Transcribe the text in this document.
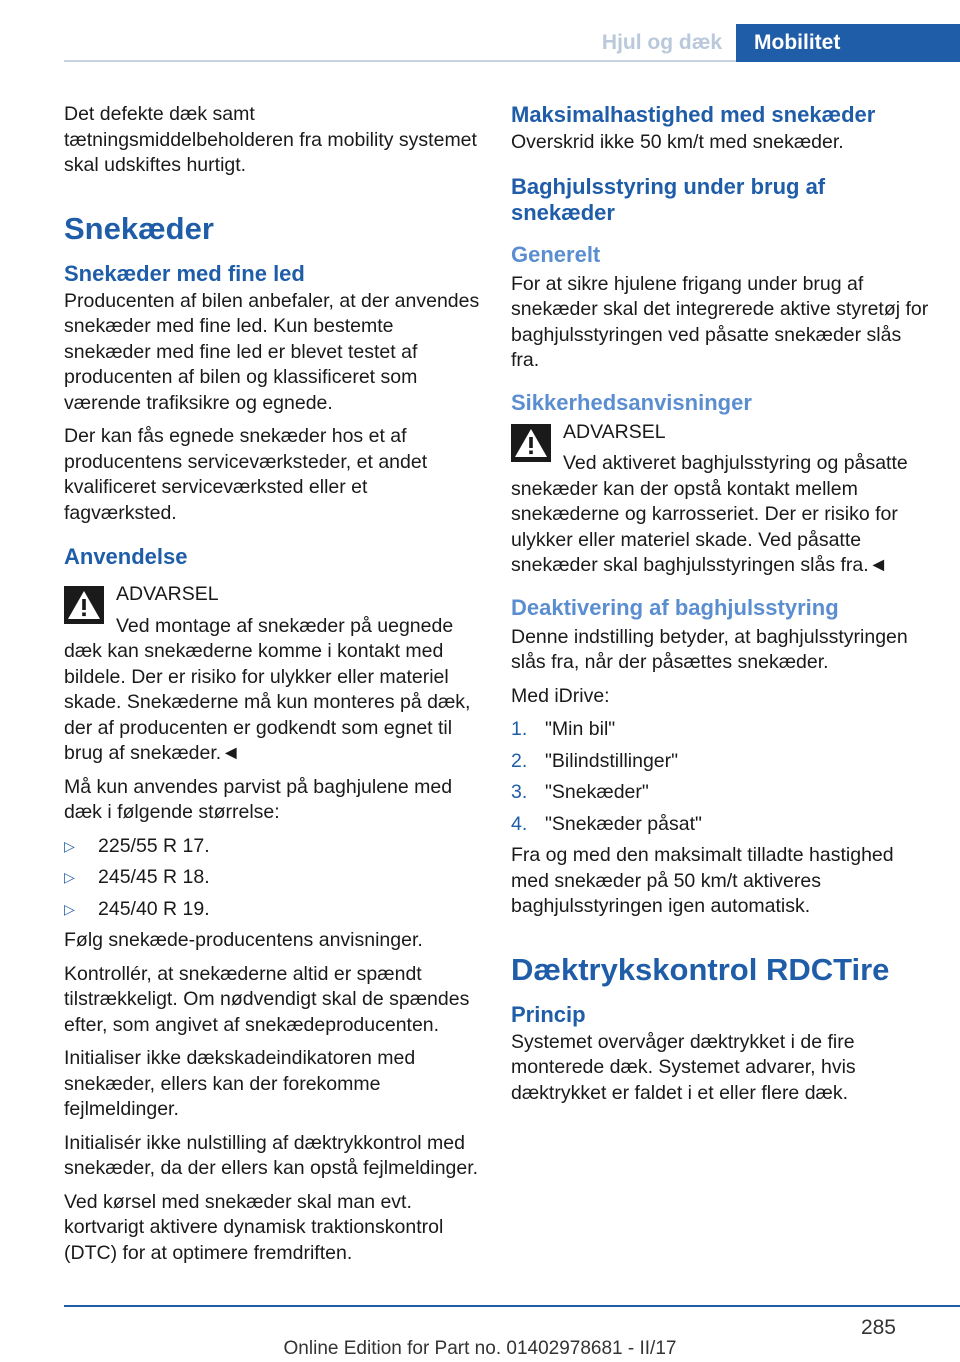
Hjul og dæk	Mobilitet

Det defekte dæk samt tætningsmiddelbeholderen fra mobility systemet skal udskiftes hurtigt.

Snekæder
Snekæder med fine led

Producenten af bilen anbefaler, at der anvendes snekæder med fine led. Kun bestemte snekæder med fine led er blevet testet af producenten af bilen og klassificeret som værende trafiksikre og egnede.

Der kan fås egnede snekæder hos et af producentens serviceværksteder, et andet kvalificeret serviceværksted eller et fagværksted.

Anvendelse
ADVARSEL

Ved montage af snekæder på uegnede dæk kan snekæderne komme i kontakt med bildele. Der er risiko for ulykker eller materiel skade. Snekæderne må kun monteres på dæk, der af producenten er godkendt som egnet til brug af snekæder.◄

Må kun anvendes parvist på baghjulene med dæk i følgende størrelse:

▷ 225/55 R 17.
▷ 245/45 R 18.
▷ 245/40 R 19.

Følg snekæde-producentens anvisninger.

Kontrollér, at snekæderne altid er spændt tilstrækkeligt. Om nødvendigt skal de spændes efter, som angivet af snekædeproducenten.

Initialiser ikke dækskadeindikatoren med snekæder, ellers kan der forekomme fejlmeldinger.

Initialisér ikke nulstilling af dæktrykkontrol med snekæder, da der ellers kan opstå fejlmeldinger.

Ved kørsel med snekæder skal man evt. kortvarigt aktivere dynamisk traktionskontrol (DTC) for at optimere fremdriften.

Maksimalhastighed med snekæder

Overskrid ikke 50 km/t med snekæder.

Baghjulsstyring under brug af snekæder
Generelt

For at sikre hjulene frigang under brug af snekæder skal det integrerede aktive styretøj for baghjulsstyringen ved påsatte snekæder slås fra.

Sikkerhedsanvisninger
ADVARSEL

Ved aktiveret baghjulsstyring og påsatte snekæder kan der opstå kontakt mellem snekæderne og karrosseriet. Der er risiko for ulykker eller materiel skade. Ved påsatte snekæder skal baghjulsstyringen slås fra.◄

Deaktivering af baghjulsstyring

Denne indstilling betyder, at baghjulsstyringen slås fra, når der påsættes snekæder.

Med iDrive:

1. "Min bil"
2. "Bilindstillinger"
3. "Snekæder"
4. "Snekæder påsat"

Fra og med den maksimalt tilladte hastighed med snekæder på 50 km/t aktiveres baghjulsstyringen igen automatisk.

Dæktrykskontrol RDCTire
Princip

Systemet overvåger dæktrykket i de fire monterede dæk. Systemet advarer, hvis dæktrykket er faldet i et eller flere dæk.

285
Online Edition for Part no. 01402978681 - II/17
